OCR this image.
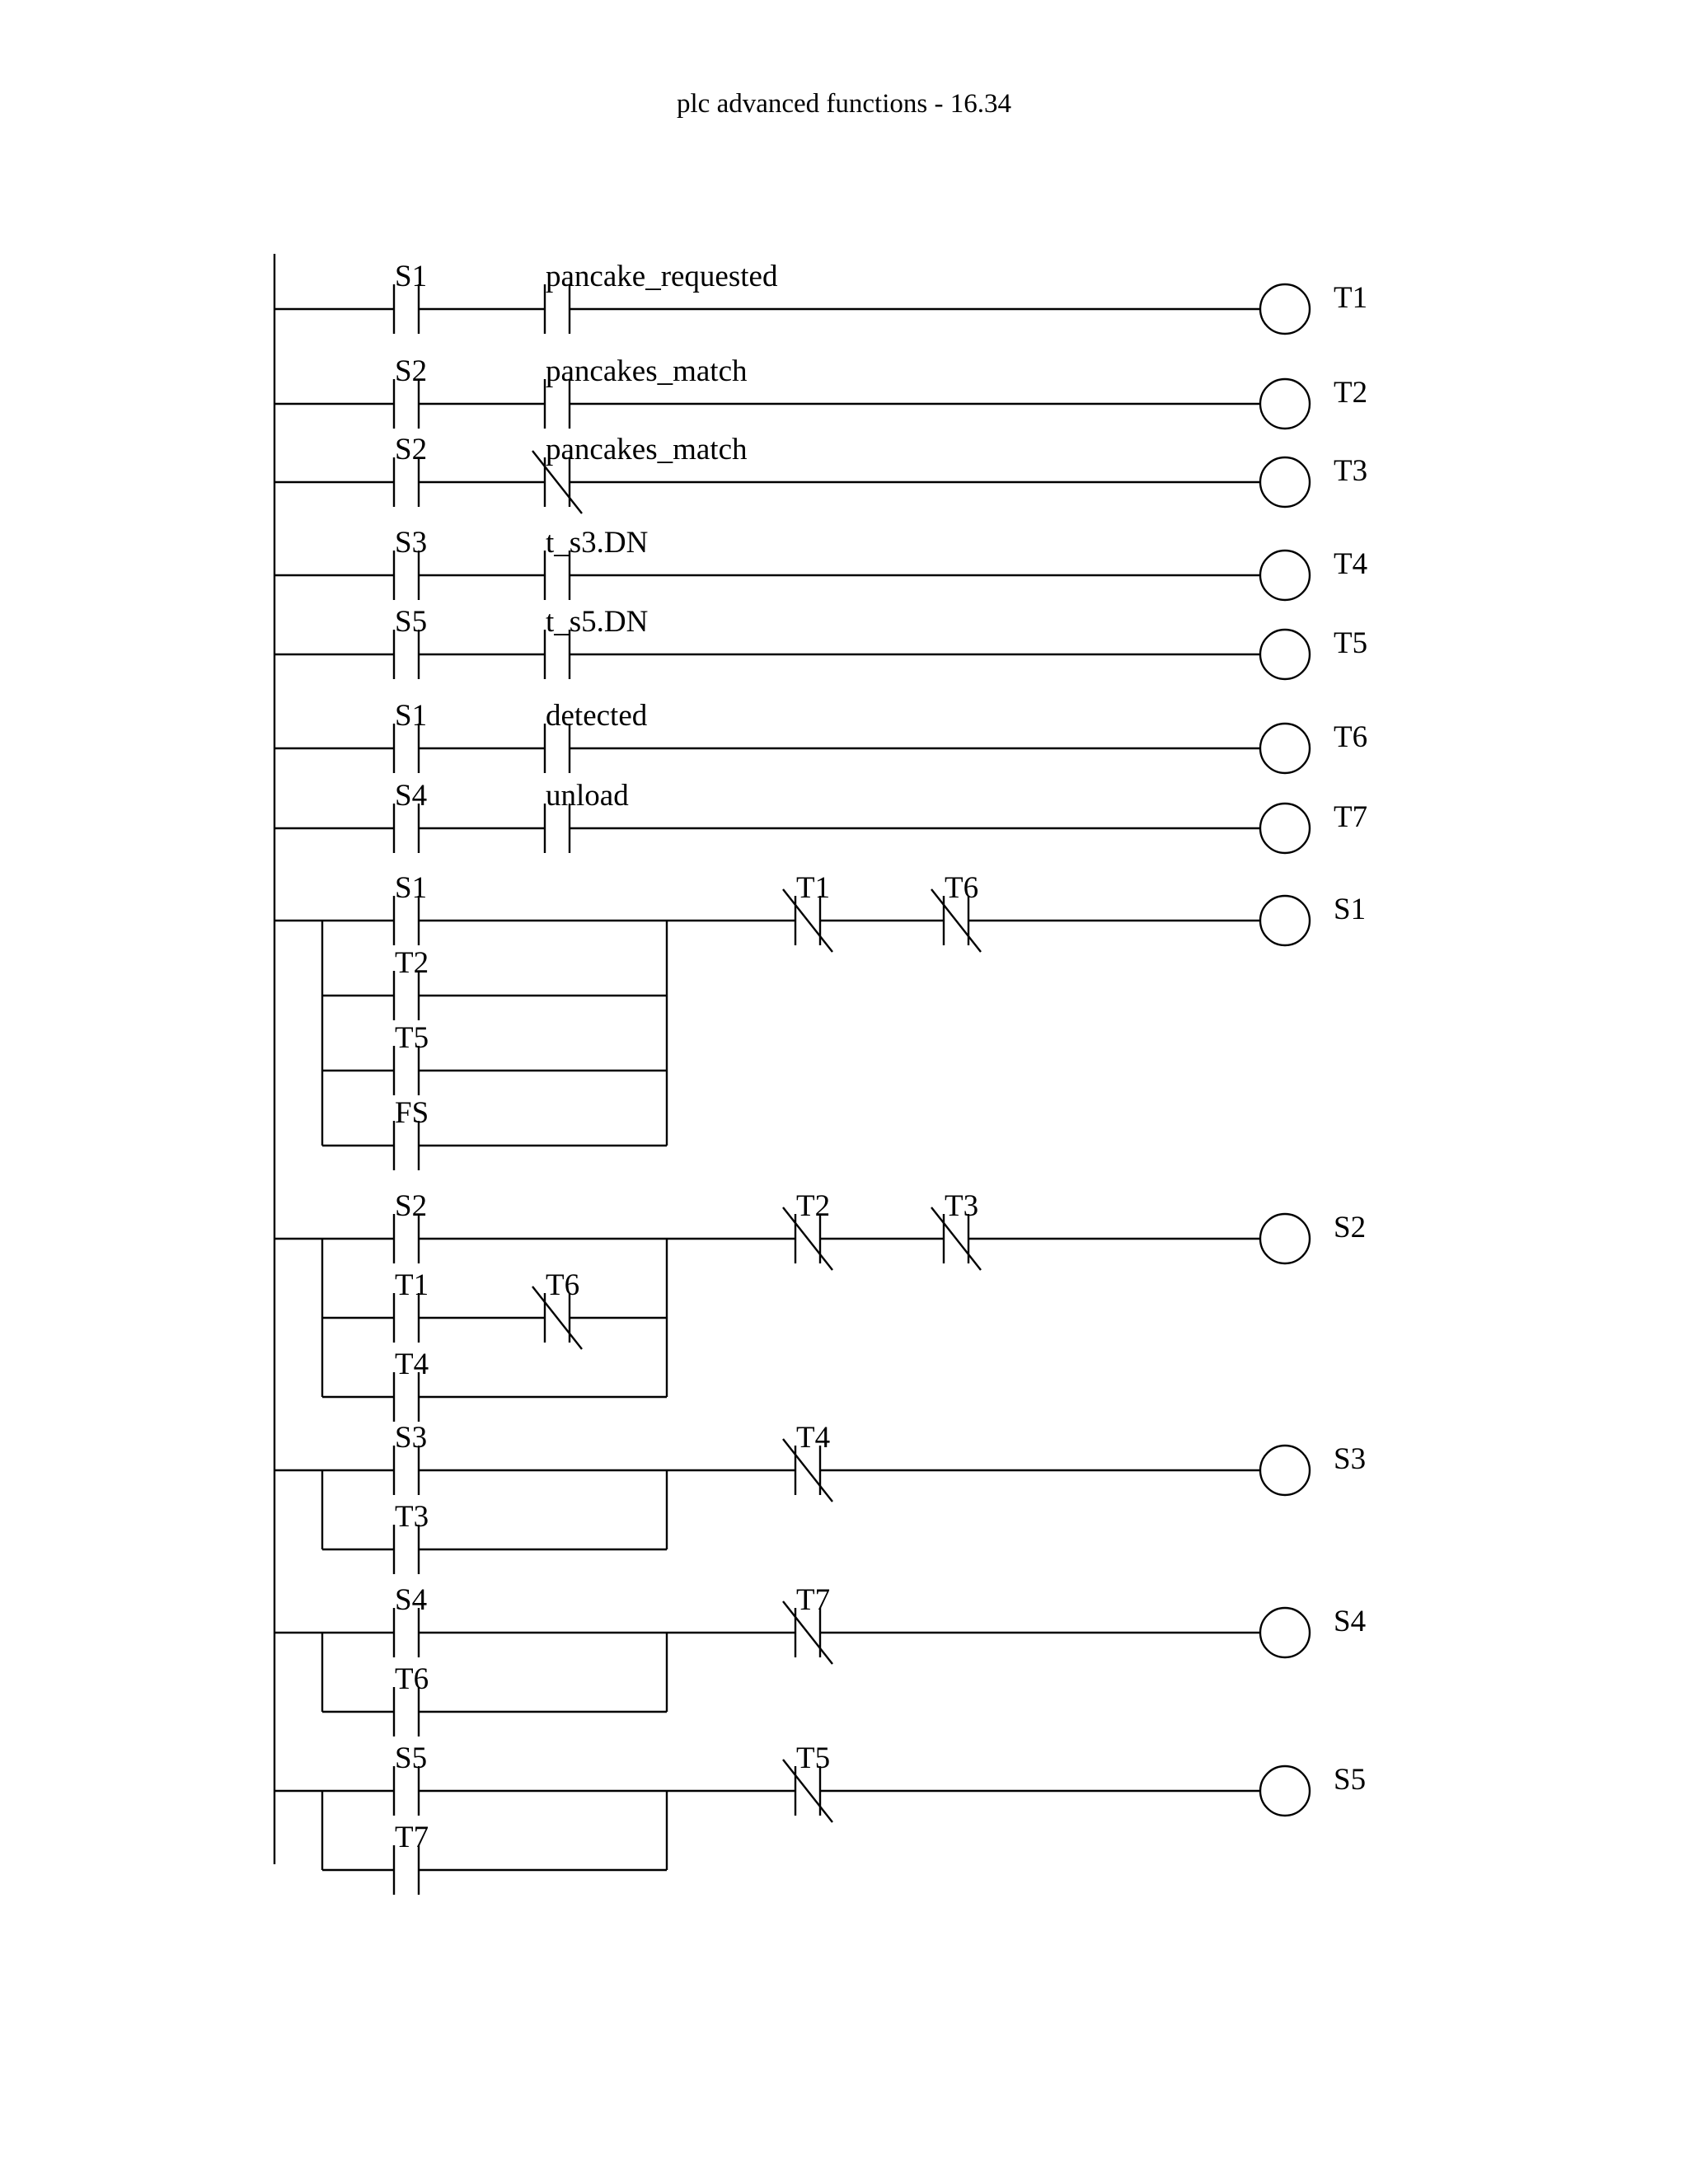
plc advanced functions - 16.34
S1	pancake_requested
T1
S2	pancakes_match
T2
S2	pancakes_match
T3
S3	t_s3.DN
T4
S5	t_s5.DN
T5
S1	detected
T6
S4	unload
T7
S1
T2
T5
FS
T1	T6
S1
S2
T1	T6
T4
T2	T3
S2
S3
T3
T4
S3
S4
T6
T7
S4
S5
T7
T5
S5
